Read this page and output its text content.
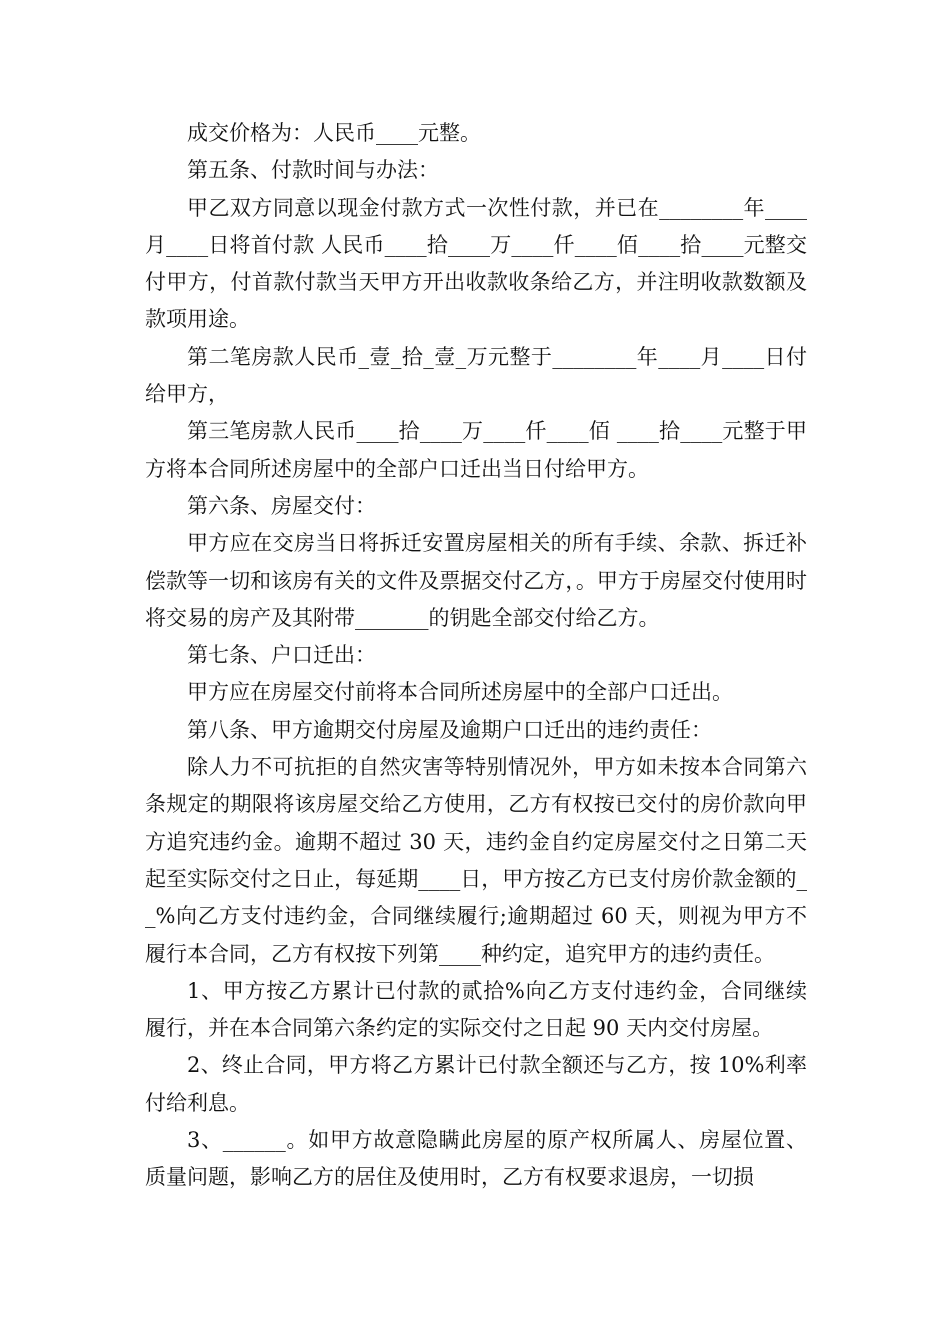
成交价格为：人民币____元整。

第五条、付款时间与办法：

甲乙双方同意以现金付款方式一次性付款，并已在________年____月____日将首付款 人民币____拾____万____仟____佰____拾____元整交付甲方，付首款付款当天甲方开出收款收条给乙方，并注明收款数额及款项用途。

第二笔房款人民币_壹_拾_壹_万元整于________年____月____日付给甲方，

第三笔房款人民币____拾____万____仟____佰 ____拾____元整于甲方将本合同所述房屋中的全部户口迁出当日付给甲方。

第六条、房屋交付：

甲方应在交房当日将拆迁安置房屋相关的所有手续、余款、拆迁补偿款等一切和该房有关的文件及票据交付乙方，。甲方于房屋交付使用时将交易的房产及其附带_______的钥匙全部交付给乙方。

第七条、户口迁出：

甲方应在房屋交付前将本合同所述房屋中的全部户口迁出。

第八条、甲方逾期交付房屋及逾期户口迁出的违约责任：

除人力不可抗拒的自然灾害等特别情况外，甲方如未按本合同第六条规定的期限将该房屋交给乙方使用，乙方有权按已交付的房价款向甲方追究违约金。逾期不超过 30 天，违约金自约定房屋交付之日第二天起至实际交付之日止，每延期____日，甲方按乙方已支付房价款金额的__%向乙方支付违约金，合同继续履行;逾期超过 60 天，则视为甲方不履行本合同，乙方有权按下列第____种约定，追究甲方的违约责任。

1、甲方按乙方累计已付款的贰拾%向乙方支付违约金，合同继续履行，并在本合同第六条约定的实际交付之日起 90 天内交付房屋。

2、终止合同，甲方将乙方累计已付款全额还与乙方，按 10%利率付给利息。

3、______。如甲方故意隐瞒此房屋的原产权所属人、房屋位置、质量问题，影响乙方的居住及使用时，乙方有权要求退房，一切损
